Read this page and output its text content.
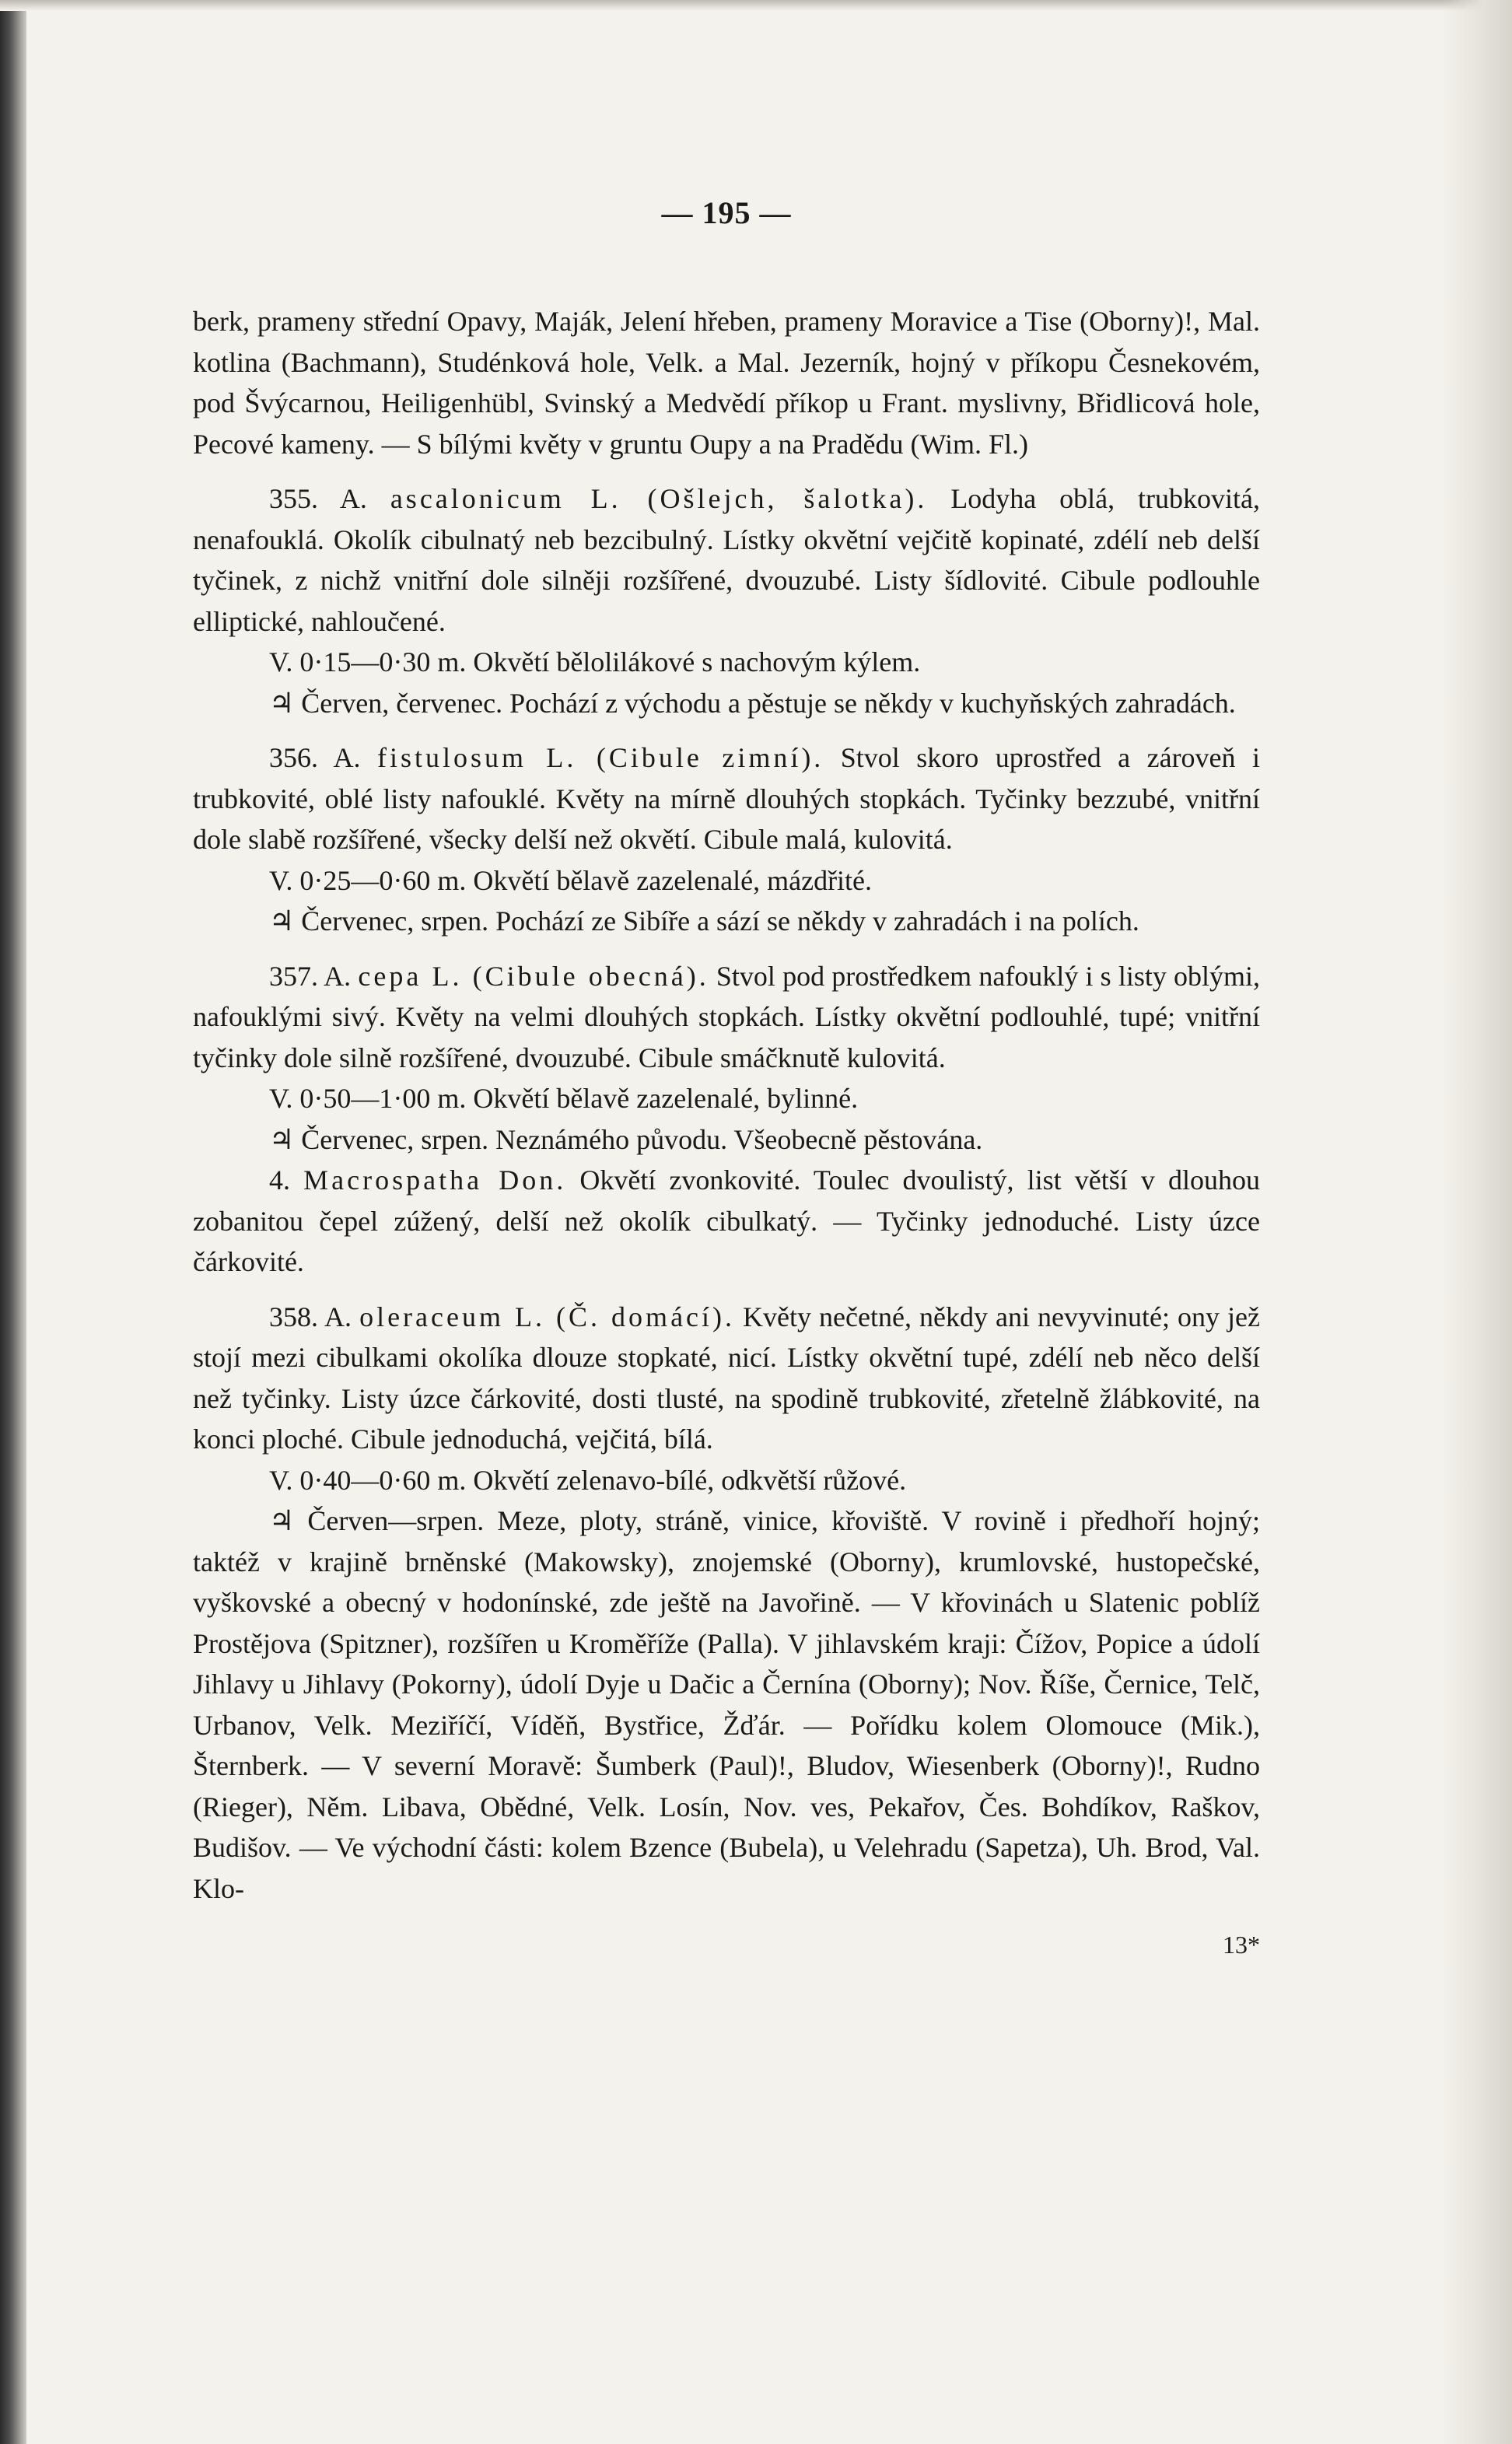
— 195 —

berk, prameny střední Opavy, Maják, Jelení hřeben, prameny Moravice a Tise (Oborny)!, Mal. kotlina (Bachmann), Studénková hole, Velk. a Mal. Jezerník, hojný v příkopu Česnekovém, pod Švýcarnou, Heiligenhübl, Svinský a Medvědí příkop u Frant. myslivny, Břidlicová hole, Pecové kameny. — S bílými květy v gruntu Oupy a na Pradědu (Wim. Fl.)

355. A. ascalonicum L. (Ošlejch, šalotka). Lodyha oblá, trubkovitá, nenafouklá. Okolík cibulnatý neb bezcibulný. Lístky okvětní vejčitě kopinaté, zdélí neb delší tyčinek, z nichž vnitřní dole silněji rozšířené, dvouzubé. Listy šídlovité. Cibule podlouhle elliptické, nahloučené.

V. 0·15—0·30 m. Okvětí bělolilákové s nachovým kýlem.

♃ Červen, červenec. Pochází z východu a pěstuje se někdy v kuchyňských zahradách.

356. A. fistulosum L. (Cibule zimní). Stvol skoro uprostřed a zároveň i trubkovité, oblé listy nafouklé. Květy na mírně dlouhých stopkách. Tyčinky bezzubé, vnitřní dole slabě rozšířené, všecky delší než okvětí. Cibule malá, kulovitá.

V. 0·25—0·60 m. Okvětí bělavě zazelenalé, mázdřité.

♃ Červenec, srpen. Pochází ze Sibíře a sází se někdy v zahradách i na polích.

357. A. cepa L. (Cibule obecná). Stvol pod prostředkem nafouklý i s listy oblými, nafouklými sivý. Květy na velmi dlouhých stopkách. Lístky okvětní podlouhlé, tupé; vnitřní tyčinky dole silně rozšířené, dvouzubé. Cibule smáčknutě kulovitá.

V. 0·50—1·00 m. Okvětí bělavě zazelenalé, bylinné.

♃ Červenec, srpen. Neznámého původu. Všeobecně pěstována.

4. Macrospatha Don. Okvětí zvonkovité. Toulec dvoulistý, list větší v dlouhou zobanitou čepel zúžený, delší než okolík cibulkatý. — Tyčinky jednoduché. Listy úzce čárkovité.

358. A. oleraceum L. (Č. domácí). Květy nečetné, někdy ani nevyvinuté; ony jež stojí mezi cibulkami okolíka dlouze stopkaté, nicí. Lístky okvětní tupé, zdélí neb něco delší než tyčinky. Listy úzce čárkovité, dosti tlusté, na spodině trubkovité, zřetelně žlábkovité, na konci ploché. Cibule jednoduchá, vejčitá, bílá.

V. 0·40—0·60 m. Okvětí zelenavo-bílé, odkvětší růžové.

♃ Červen—srpen. Meze, ploty, stráně, vinice, křoviště. V rovině i předhoří hojný; taktéž v krajině brněnské (Makowsky), znojemské (Oborny), krumlovské, hustopečské, vyškovské a obecný v hodonínské, zde ještě na Javořině. — V křovinách u Slatenic poblíž Prostějova (Spitzner), rozšířen u Kroměříže (Palla). V jihlavském kraji: Čížov, Popice a údolí Jihlavy u Jihlavy (Pokorny), údolí Dyje u Dačic a Černína (Oborny); Nov. Říše, Černice, Telč, Urbanov, Velk. Meziříčí, Víděň, Bystřice, Žďár. — Pořídku kolem Olomouce (Mik.), Šternberk. — V severní Moravě: Šumberk (Paul)!, Bludov, Wiesenberk (Oborny)!, Rudno (Rieger), Něm. Libava, Obědné, Velk. Losín, Nov. ves, Pekařov, Čes. Bohdíkov, Raškov, Budišov. — Ve východní části: kolem Bzence (Bubela), u Velehradu (Sapetza), Uh. Brod, Val. Klo-

13*
